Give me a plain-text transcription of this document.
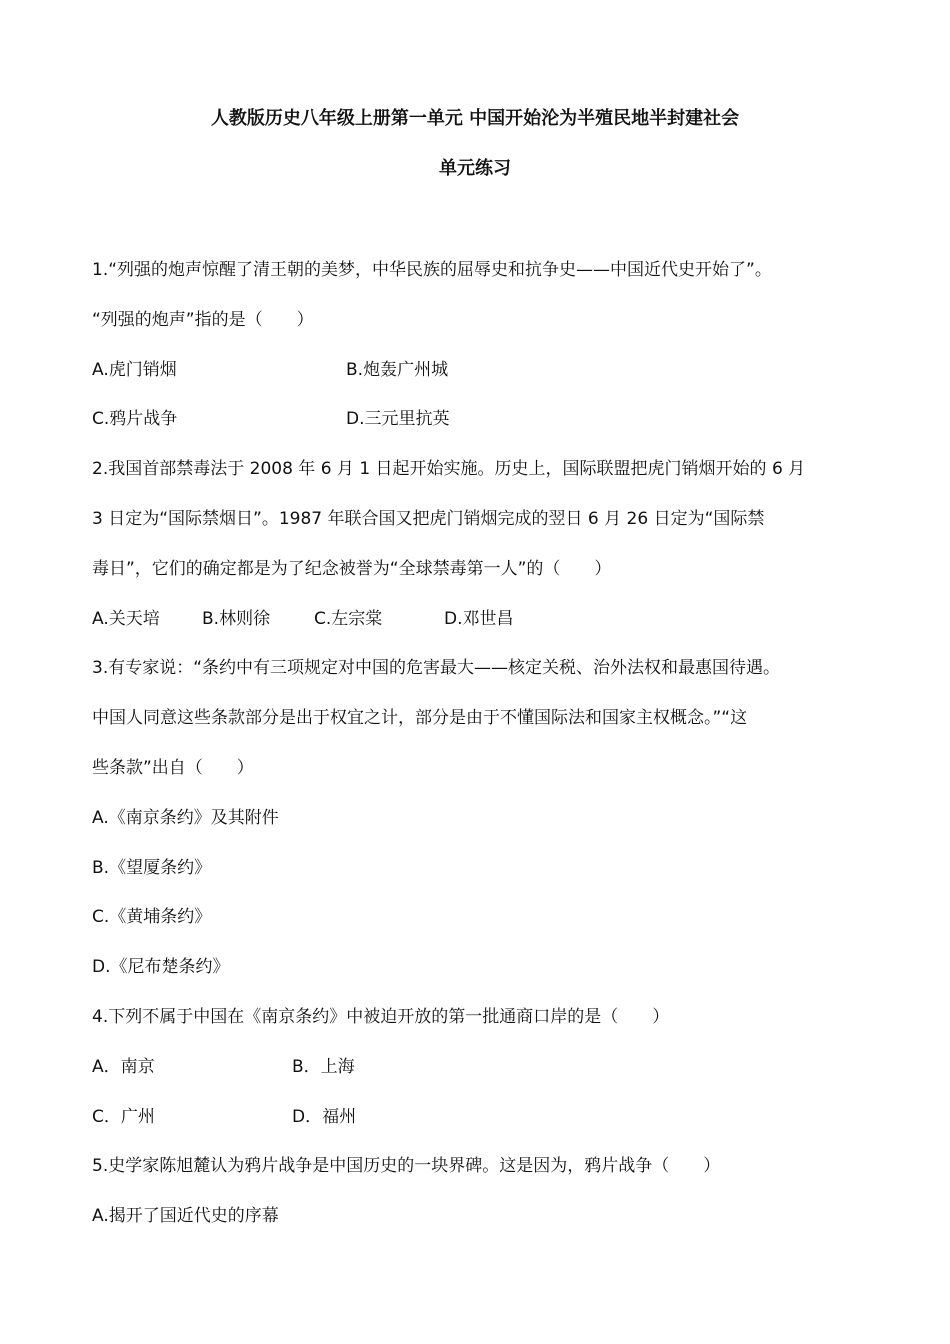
人教版历史八年级上册第一单元 中国开始沦为半殖民地半封建社会
单元练习
1.“列强的炮声惊醒了清王朝的美梦，中华民族的屈辱史和抗争史——中国近代史开始了”。
“列强的炮声”指的是（　　）
A.虎门销烟	B.炮轰广州城
C.鸦片战争	D.三元里抗英
2.我国首部禁毒法于 2008 年 6 月 1 日起开始实施。历史上，国际联盟把虎门销烟开始的 6 月
3 日定为“国际禁烟日”。1987 年联合国又把虎门销烟完成的翌日 6 月 26 日定为“国际禁
毒日”，它们的确定都是为了纪念被誉为“全球禁毒第一人”的（　　）
A.关天培 B.林则徐	C.左宗棠	D.邓世昌
3.有专家说：“条约中有三项规定对中国的危害最大——核定关税、治外法权和最惠国待遇。
中国人同意这些条款部分是出于权宜之计，部分是由于不懂国际法和国家主权概念。”“这
些条款”出自（　　）
A.《南京条约》及其附件
B.《望厦条约》
C.《黄埔条约》
D.《尼布楚条约》
4.下列不属于中国在《南京条约》中被迫开放的第一批通商口岸的是（　　）
A．南京	B．上海
C．广州	D．福州
5.史学家陈旭麓认为鸦片战争是中国历史的一块界碑。这是因为，鸦片战争（　　）
A.揭开了国近代史的序幕
